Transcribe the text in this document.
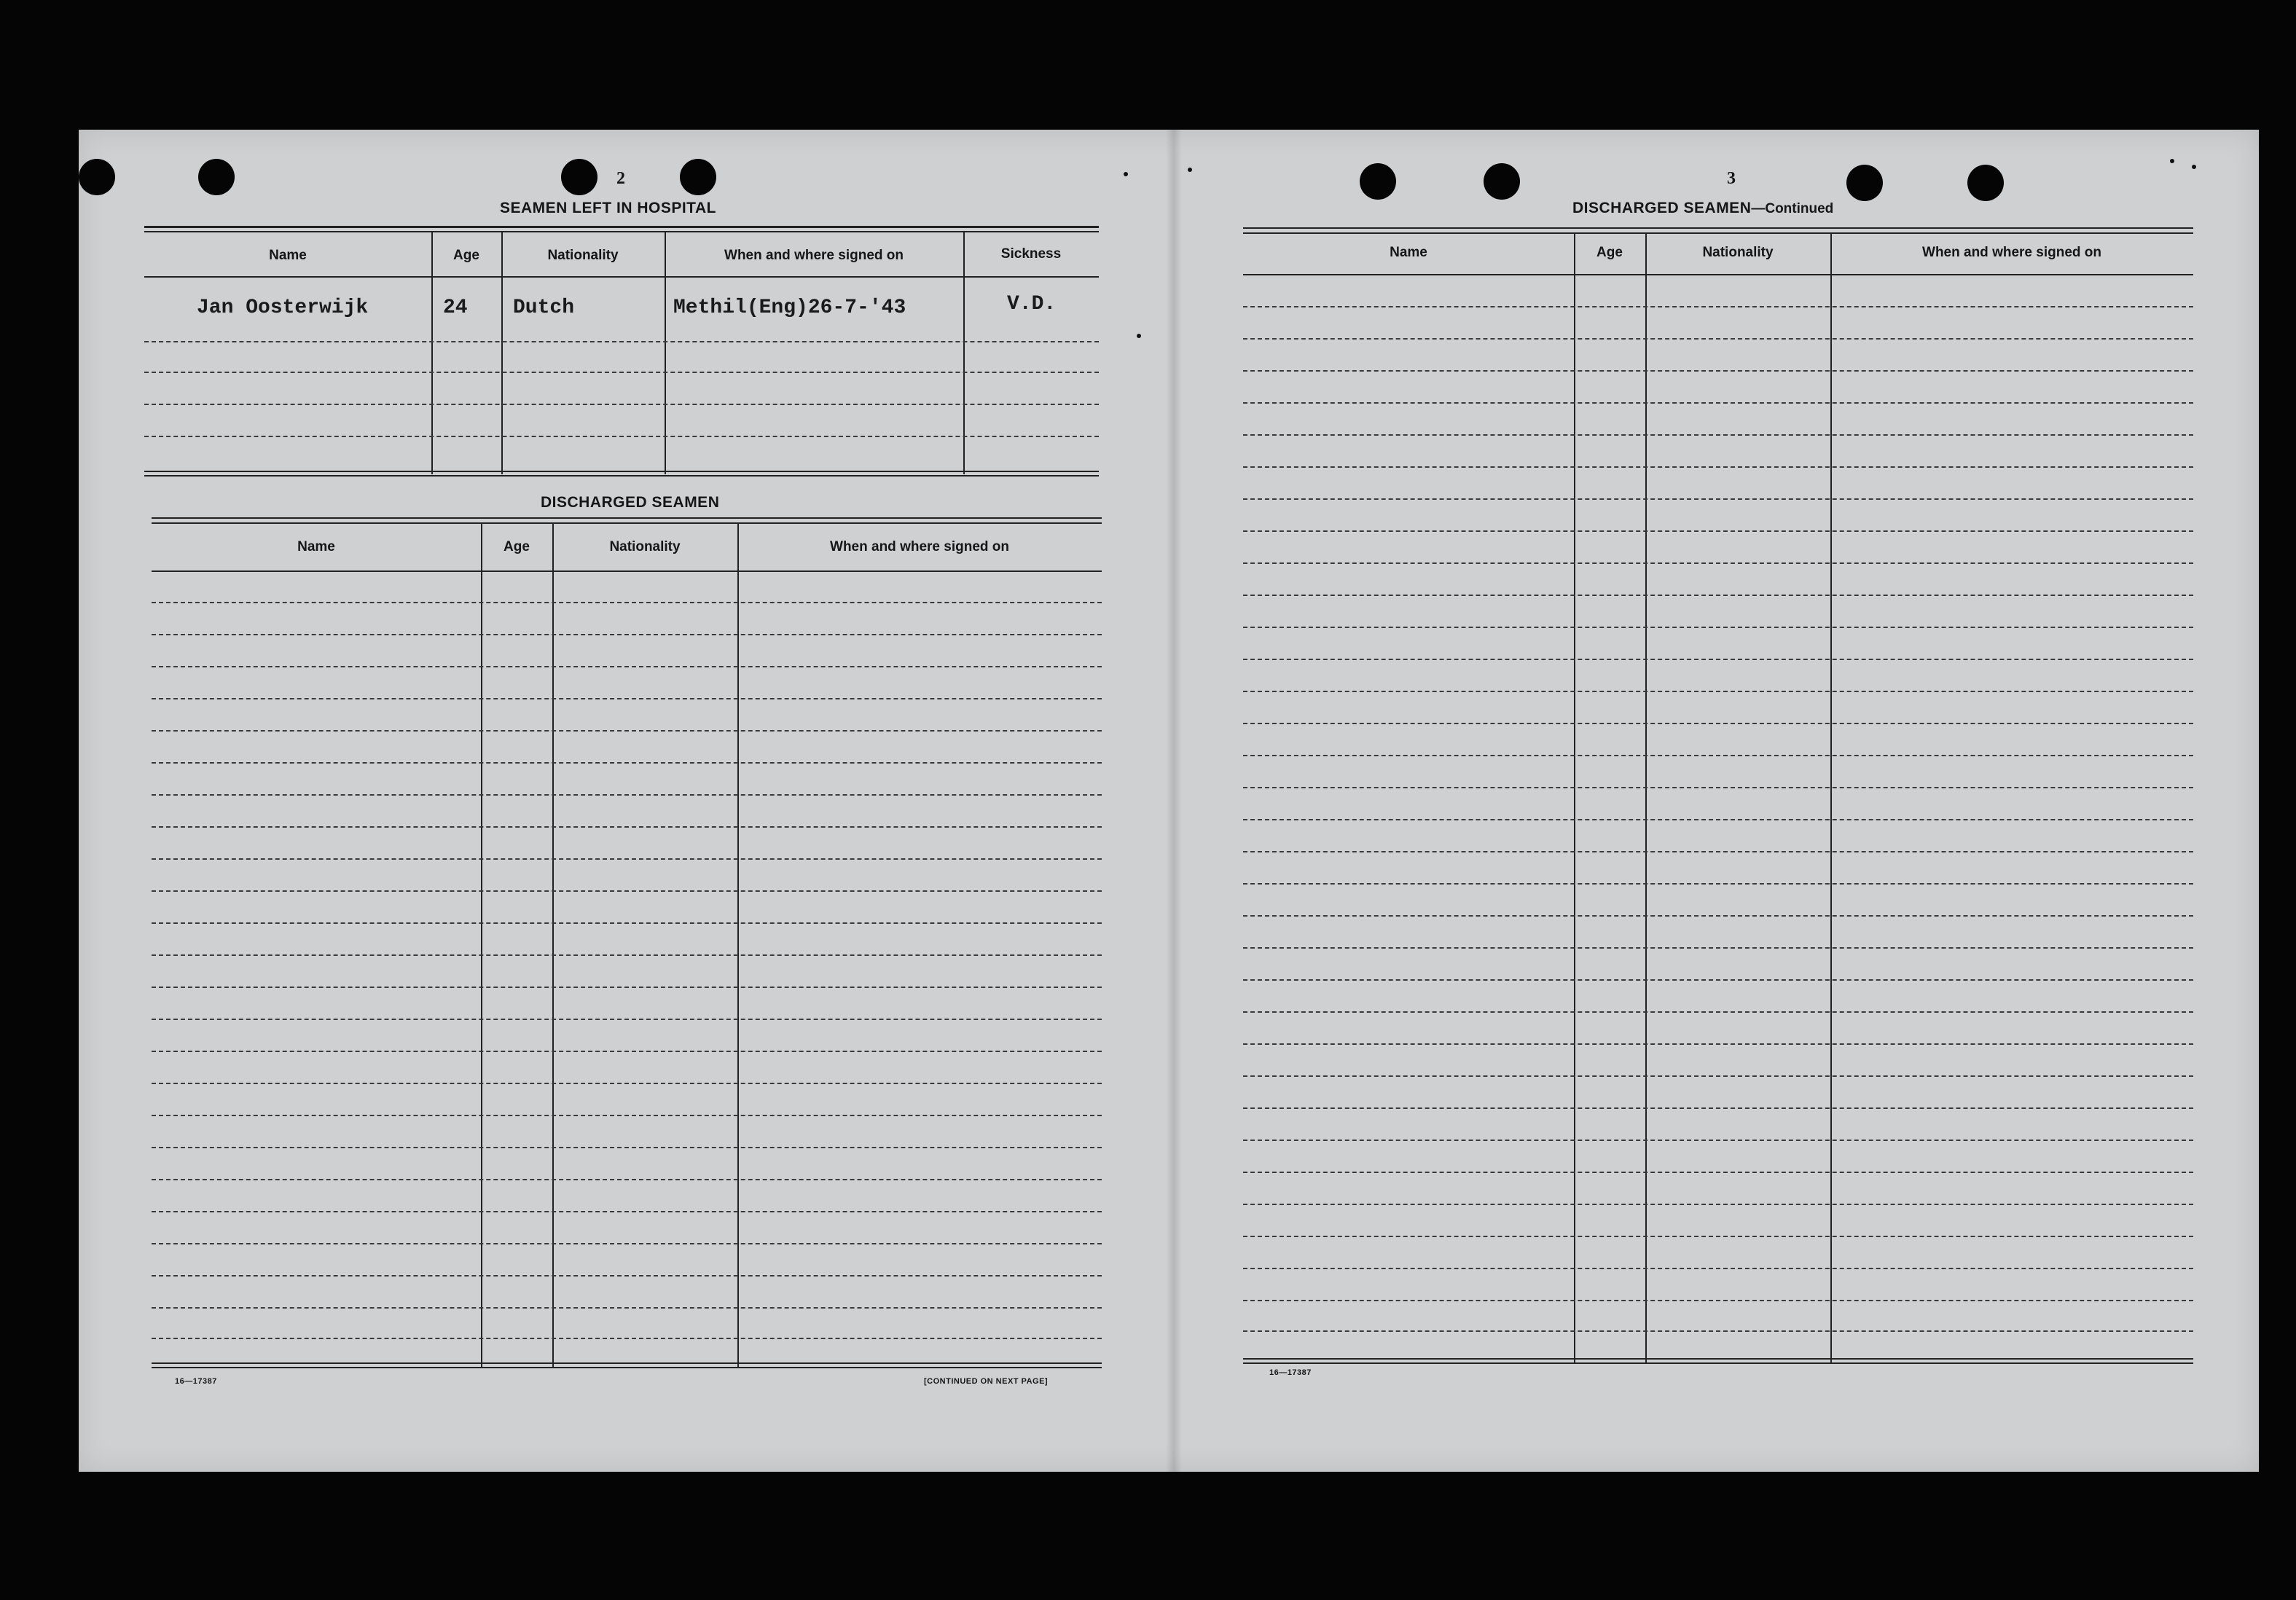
2
SEAMEN LEFT IN HOSPITAL
Name	Age	Nationality	When and where signed on	Sickness
Jan Oosterwijk	24 Dutch	Methil(Eng)26-7-'43	V.D.
DISCHARGED SEAMEN
Name	Age	Nationality	When and where signed on
16—17387	[CONTINUED ON NEXT PAGE]
3
DISCHARGED SEAMEN—Continued
Name	Age	Nationality	When and where signed on
16—17387
